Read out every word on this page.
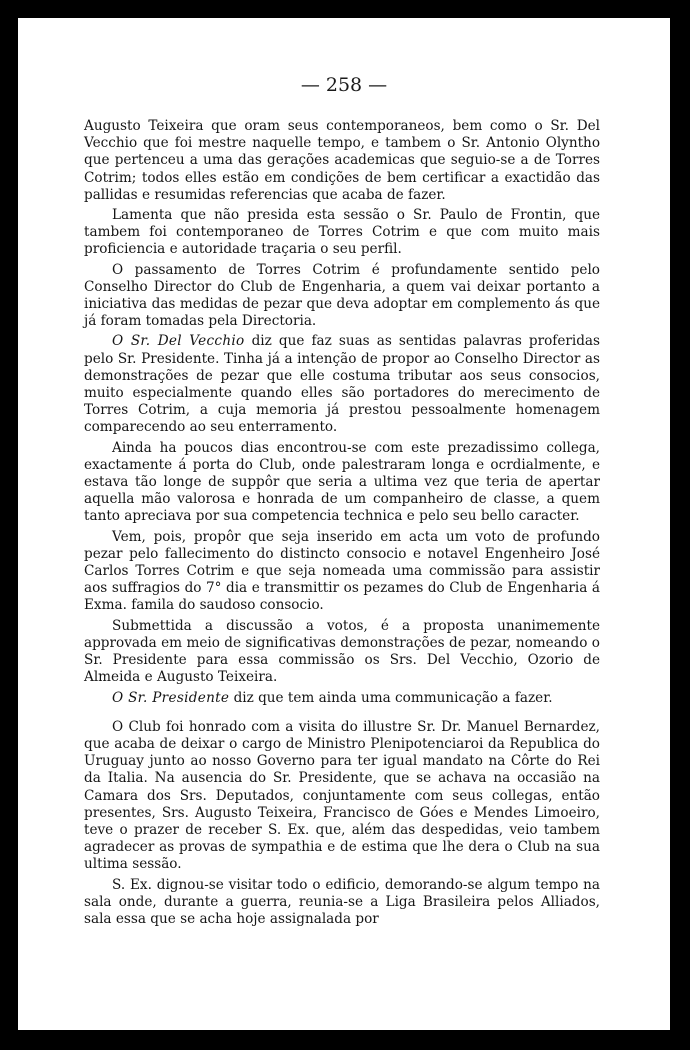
— 258 —

Augusto Teixeira que oram seus contemporaneos, bem como o Sr. Del Vecchio que foi mestre naquelle tempo, e tambem o Sr. Antonio Olyntho que pertenceu a uma das gerações academicas que seguio-se a de Torres Cotrim; todos elles estão em condições de bem certificar a exactidão das pallidas e resumidas referencias que acaba de fazer.

Lamenta que não presida esta sessão o Sr. Paulo de Frontin, que tambem foi contemporaneo de Torres Cotrim e que com muito mais proficiencia e autoridade traçaria o seu perfil.

O passamento de Torres Cotrim é profundamente sentido pelo Conselho Director do Club de Engenharia, a quem vai deixar portanto a iniciativa das medidas de pezar que deva adoptar em complemento ás que já foram tomadas pela Directoria.

O Sr. Del Vecchio diz que faz suas as sentidas palavras proferidas pelo Sr. Presidente. Tinha já a intenção de propor ao Conselho Director as demonstrações de pezar que elle costuma tributar aos seus consocios, muito especialmente quando elles são portadores do merecimento de Torres Cotrim, a cuja memoria já prestou pessoalmente homenagem comparecendo ao seu enterramento.

Ainda ha poucos dias encontrou-se com este prezadissimo collega, exactamente á porta do Club, onde palestraram longa e ocrdialmente, e estava tão longe de suppôr que seria a ultima vez que teria de apertar aquella mão valorosa e honrada de um companheiro de classe, a quem tanto apreciava por sua competencia technica e pelo seu bello caracter.

Vem, pois, propôr que seja inserido em acta um voto de profundo pezar pelo fallecimento do distincto consocio e notavel Engenheiro José Carlos Torres Cotrim e que seja nomeada uma commissão para assistir aos suffragios do 7° dia e transmittir os pezames do Club de Engenharia á Exma. famila do saudoso consocio.

Submettida a discussão a votos, é a proposta unanimemente approvada em meio de significativas demonstrações de pezar, nomeando o Sr. Presidente para essa commissão os Srs. Del Vecchio, Ozorio de Almeida e Augusto Teixeira.

O Sr. Presidente diz que tem ainda uma communicação a fazer.

O Club foi honrado com a visita do illustre Sr. Dr. Manuel Bernardez, que acaba de deixar o cargo de Ministro Plenipotenciaroi da Republica do Uruguay junto ao nosso Governo para ter igual mandato na Côrte do Rei da Italia. Na ausencia do Sr. Presidente, que se achava na occasião na Camara dos Srs. Deputados, conjuntamente com seus collegas, então presentes, Srs. Augusto Teixeira, Francisco de Góes e Mendes Limoeiro, teve o prazer de receber S. Ex. que, além das despedidas, veio tambem agradecer as provas de sympathia e de estima que lhe dera o Club na sua ultima sessão.

S. Ex. dignou-se visitar todo o edificio, demorando-se algum tempo na sala onde, durante a guerra, reunia-se a Liga Brasileira pelos Alliados, sala essa que se acha hoje assignalada por
